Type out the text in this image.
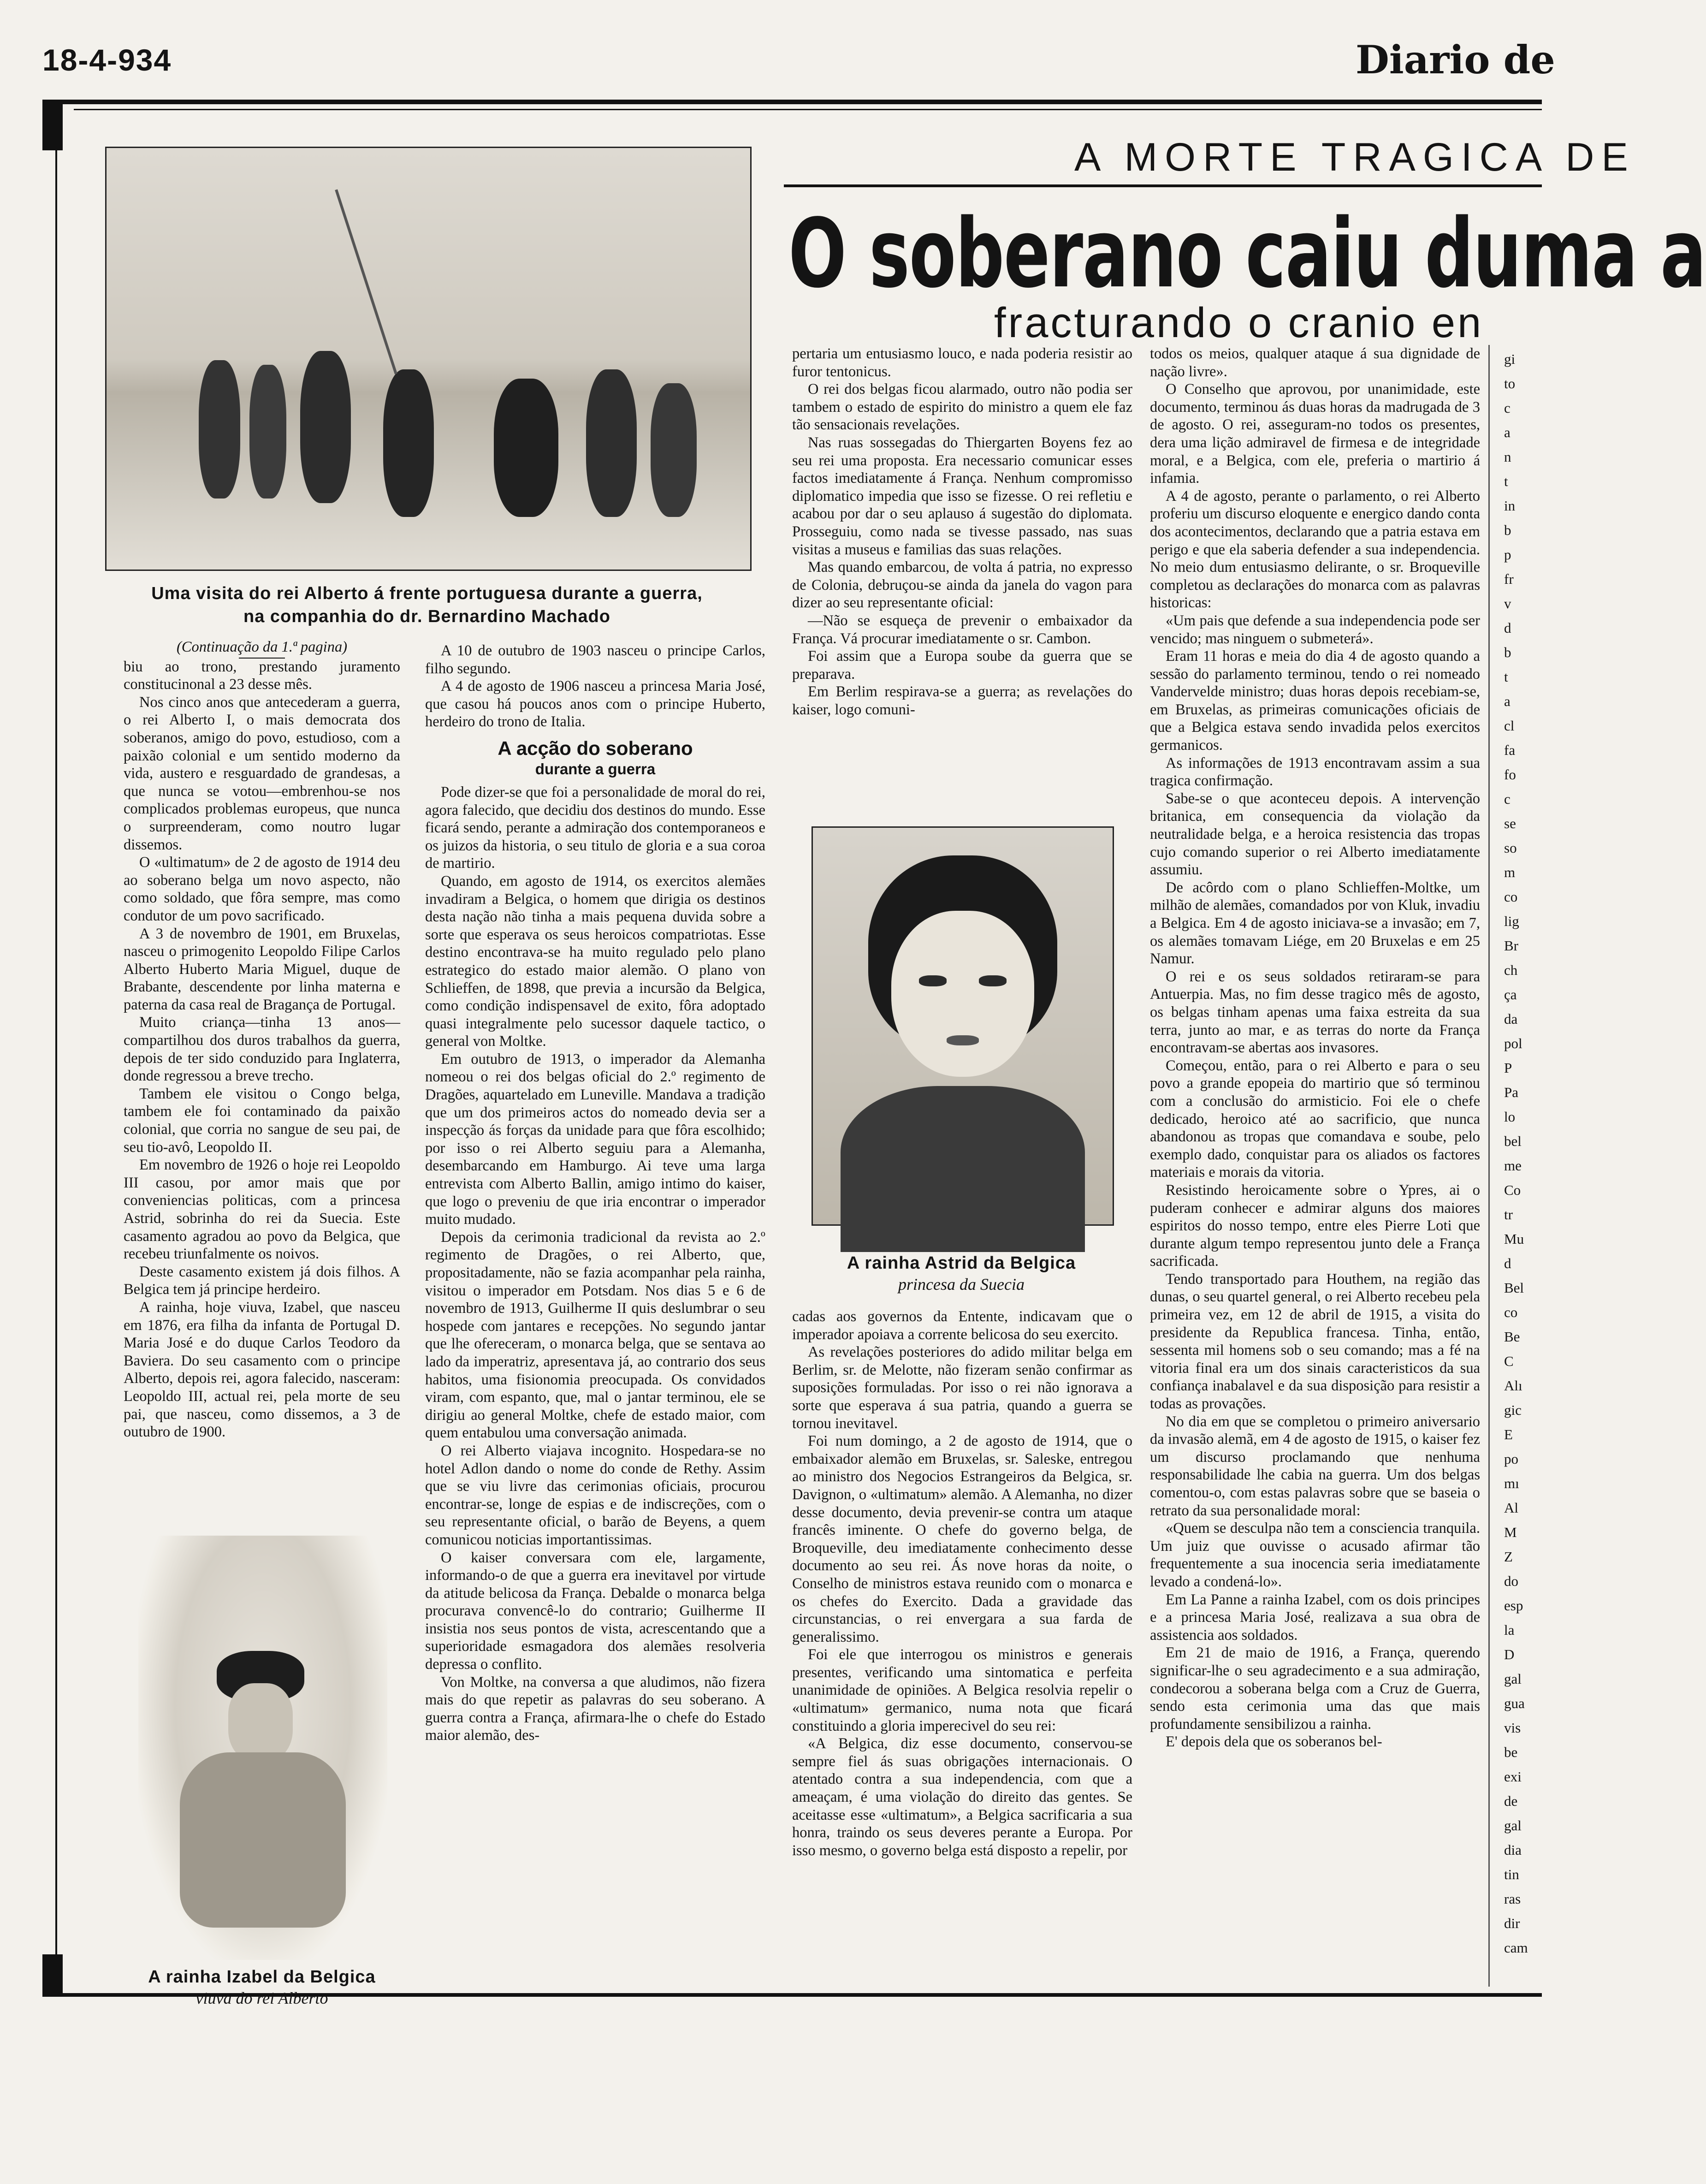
18-4-934	Diario de
A MORTE TRAGICA DE
O soberano caiu duma a
fracturando o cranio en
Uma visita do rei Alberto á frente portuguesa durante a guerra,
na companhia do dr. Bernardino Machado

(Continuação da 1.ª pagina)

biu ao trono, prestando juramento constitucinonal a 23 desse mês.

Nos cinco anos que antecederam a guerra, o rei Alberto I, o mais democrata dos soberanos, amigo do povo, estudioso, com a paixão colonial e um sentido moderno da vida, austero e resguardado de grandesas, a que nunca se votou—embrenhou-se nos complicados problemas europeus, que nunca o surpreenderam, como noutro lugar dissemos.

O «ultimatum» de 2 de agosto de 1914 deu ao soberano belga um novo aspecto, não como soldado, que fôra sempre, mas como condutor de um povo sacrificado.

A 3 de novembro de 1901, em Bruxelas, nasceu o primogenito Leopoldo Filipe Carlos Alberto Huberto Maria Miguel, duque de Brabante, descendente por linha materna e paterna da casa real de Bragança de Portugal.

Muito criança—tinha 13 anos—compartilhou dos duros trabalhos da guerra, depois de ter sido conduzido para Inglaterra, donde regressou a breve trecho.

Tambem ele visitou o Congo belga, tambem ele foi contaminado da paixão colonial, que corria no sangue de seu pai, de seu tio-avô, Leopoldo II.

Em novembro de 1926 o hoje rei Leopoldo III casou, por amor mais que por conveniencias politicas, com a princesa Astrid, sobrinha do rei da Suecia. Este casamento agradou ao povo da Belgica, que recebeu triunfalmente os noivos.

Deste casamento existem já dois filhos. A Belgica tem já principe herdeiro.

A rainha, hoje viuva, Izabel, que nasceu em 1876, era filha da infanta de Portugal D. Maria José e do duque Carlos Teodoro da Baviera. Do seu casamento com o principe Alberto, depois rei, agora falecido, nasceram: Leopoldo III, actual rei, pela morte de seu pai, que nasceu, como dissemos, a 3 de outubro de 1900.

A rainha Izabel da Belgica
viuva do rei Alberto

A 10 de outubro de 1903 nasceu o principe Carlos, filho segundo.

A 4 de agosto de 1906 nasceu a princesa Maria José, que casou há poucos anos com o principe Huberto, herdeiro do trono de Italia.

A acção do soberano
durante a guerra

Pode dizer-se que foi a personalidade de moral do rei, agora falecido, que decidiu dos destinos do mundo. Esse ficará sendo, perante a admiração dos contemporaneos e os juizos da historia, o seu titulo de gloria e a sua coroa de martirio.

Quando, em agosto de 1914, os exercitos alemães invadiram a Belgica, o homem que dirigia os destinos desta nação não tinha a mais pequena duvida sobre a sorte que esperava os seus heroicos compatriotas. Esse destino encontrava-se ha muito regulado pelo plano estrategico do estado maior alemão. O plano von Schlieffen, de 1898, que previa a incursão da Belgica, como condição indispensavel de exito, fôra adoptado quasi integralmente pelo sucessor daquele tactico, o general von Moltke.

Em outubro de 1913, o imperador da Alemanha nomeou o rei dos belgas oficial do 2.º regimento de Dragões, aquartelado em Luneville. Mandava a tradição que um dos primeiros actos do nomeado devia ser a inspecção ás forças da unidade para que fôra escolhido; por isso o rei Alberto seguiu para a Alemanha, desembarcando em Hamburgo. Ai teve uma larga entrevista com Alberto Ballin, amigo intimo do kaiser, que logo o preveniu de que iria encontrar o imperador muito mudado.

Depois da cerimonia tradicional da revista ao 2.º regimento de Dragões, o rei Alberto, que, propositadamente, não se fazia acompanhar pela rainha, visitou o imperador em Potsdam. Nos dias 5 e 6 de novembro de 1913, Guilherme II quis deslumbrar o seu hospede com jantares e recepções. No segundo jantar que lhe ofereceram, o monarca belga, que se sentava ao lado da imperatriz, apresentava já, ao contrario dos seus habitos, uma fisionomia preocupada. Os convidados viram, com espanto, que, mal o jantar terminou, ele se dirigiu ao general Moltke, chefe de estado maior, com quem entabulou uma conversação animada.

O rei Alberto viajava incognito. Hospedara-se no hotel Adlon dando o nome do conde de Rethy. Assim que se viu livre das cerimonias oficiais, procurou encontrar-se, longe de espias e de indiscreções, com o seu representante oficial, o barão de Beyens, a quem comunicou noticias importantissimas.

O kaiser conversara com ele, largamente, informando-o de que a guerra era inevitavel por virtude da atitude belicosa da França. Debalde o monarca belga procurava convencê-lo do contrario; Guilherme II insistia nos seus pontos de vista, acrescentando que a superioridade esmagadora dos alemães resolveria depressa o conflito.

Von Moltke, na conversa a que aludimos, não fizera mais do que repetir as palavras do seu soberano. A guerra contra a França, afirmara-lhe o chefe do Estado maior alemão, des-

pertaria um entusiasmo louco, e nada poderia resistir ao furor tentonicus.

O rei dos belgas ficou alarmado, outro não podia ser tambem o estado de espirito do ministro a quem ele faz tão sensacionais revelações.

Nas ruas sossegadas do Thiergarten Boyens fez ao seu rei uma proposta. Era necessario comunicar esses factos imediatamente á França. Nenhum compromisso diplomatico impedia que isso se fizesse. O rei refletiu e acabou por dar o seu aplauso á sugestão do diplomata. Prosseguiu, como nada se tivesse passado, nas suas visitas a museus e familias das suas relações.

Mas quando embarcou, de volta á patria, no expresso de Colonia, debruçou-se ainda da janela do vagon para dizer ao seu representante oficial:

—Não se esqueça de prevenir o embaixador da França. Vá procurar imediatamente o sr. Cambon.

Foi assim que a Europa soube da guerra que se preparava.

Em Berlim respirava-se a guerra; as revelações do kaiser, logo comuni-

A rainha Astrid da Belgica
princesa da Suecia

cadas aos governos da Entente, indicavam que o imperador apoiava a corrente belicosa do seu exercito.

As revelações posteriores do adido militar belga em Berlim, sr. de Melotte, não fizeram senão confirmar as suposições formuladas. Por isso o rei não ignorava a sorte que esperava á sua patria, quando a guerra se tornou inevitavel.

Foi num domingo, a 2 de agosto de 1914, que o embaixador alemão em Bruxelas, sr. Saleske, entregou ao ministro dos Negocios Estrangeiros da Belgica, sr. Davignon, o «ultimatum» alemão. A Alemanha, no dizer desse documento, devia prevenir-se contra um ataque francês iminente. O chefe do governo belga, de Broqueville, deu imediatamente conhecimento desse documento ao seu rei. Ás nove horas da noite, o Conselho de ministros estava reunido com o monarca e os chefes do Exercito. Dada a gravidade das circunstancias, o rei envergara a sua farda de generalissimo.

Foi ele que interrogou os ministros e generais presentes, verificando uma sintomatica e perfeita unanimidade de opiniões. A Belgica resolvia repelir o «ultimatum» germanico, numa nota que ficará constituindo a gloria imperecivel do seu rei:

«A Belgica, diz esse documento, conservou-se sempre fiel ás suas obrigações internacionais. O atentado contra a sua independencia, com que a ameaçam, é uma violação do direito das gentes. Se aceitasse esse «ultimatum», a Belgica sacrificaria a sua honra, traindo os seus deveres perante a Europa. Por isso mesmo, o governo belga está disposto a repelir, por

todos os meios, qualquer ataque á sua dignidade de nação livre».

O Conselho que aprovou, por unanimidade, este documento, terminou ás duas horas da madrugada de 3 de agosto. O rei, asseguram-no todos os presentes, dera uma lição admiravel de firmesa e de integridade moral, e a Belgica, com ele, preferia o martirio á infamia.

A 4 de agosto, perante o parlamento, o rei Alberto proferiu um discurso eloquente e energico dando conta dos acontecimentos, declarando que a patria estava em perigo e que ela saberia defender a sua independencia. No meio dum entusiasmo delirante, o sr. Broqueville completou as declarações do monarca com as palavras historicas:

«Um pais que defende a sua independencia pode ser vencido; mas ninguem o submeterá».

Eram 11 horas e meia do dia 4 de agosto quando a sessão do parlamento terminou, tendo o rei nomeado Vandervelde ministro; duas horas depois recebiam-se, em Bruxelas, as primeiras comunicações oficiais de que a Belgica estava sendo invadida pelos exercitos germanicos.

As informações de 1913 encontravam assim a sua tragica confirmação.

Sabe-se o que aconteceu depois. A intervenção britanica, em consequencia da violação da neutralidade belga, e a heroica resistencia das tropas cujo comando superior o rei Alberto imediatamente assumiu.

De acôrdo com o plano Schlieffen-Moltke, um milhão de alemães, comandados por von Kluk, invadiu a Belgica. Em 4 de agosto iniciava-se a invasão; em 7, os alemães tomavam Liége, em 20 Bruxelas e em 25 Namur.

O rei e os seus soldados retiraram-se para Antuerpia. Mas, no fim desse tragico mês de agosto, os belgas tinham apenas uma faixa estreita da sua terra, junto ao mar, e as terras do norte da França encontravam-se abertas aos invasores.

Começou, então, para o rei Alberto e para o seu povo a grande epopeia do martirio que só terminou com a conclusão do armisticio. Foi ele o chefe dedicado, heroico até ao sacrificio, que nunca abandonou as tropas que comandava e soube, pelo exemplo dado, conquistar para os aliados os factores materiais e morais da vitoria.

Resistindo heroicamente sobre o Ypres, ai o puderam conhecer e admirar alguns dos maiores espiritos do nosso tempo, entre eles Pierre Loti que durante algum tempo representou junto dele a França sacrificada.

Tendo transportado para Houthem, na região das dunas, o seu quartel general, o rei Alberto recebeu pela primeira vez, em 12 de abril de 1915, a visita do presidente da Republica francesa. Tinha, então, sessenta mil homens sob o seu comando; mas a fé na vitoria final era um dos sinais caracteristicos da sua confiança inabalavel e da sua disposição para resistir a todas as provações.

No dia em que se completou o primeiro aniversario da invasão alemã, em 4 de agosto de 1915, o kaiser fez um discurso proclamando que nenhuma responsabilidade lhe cabia na guerra. Um dos belgas comentou-o, com estas palavras sobre que se baseia o retrato da sua personalidade moral:

«Quem se desculpa não tem a consciencia tranquila. Um juiz que ouvisse o acusado afirmar tão frequentemente a sua inocencia seria imediatamente levado a condená-lo».

Em La Panne a rainha Izabel, com os dois principes e a princesa Maria José, realizava a sua obra de assistencia aos soldados.

Em 21 de maio de 1916, a França, querendo significar-lhe o seu agradecimento e a sua admiração, condecorou a soberana belga com a Cruz de Guerra, sendo esta cerimonia uma das que mais profundamente sensibilizou a rainha.

E' depois dela que os soberanos bel-

gi
to
c
a
n
t
in
b
p
fr
v
d
b
t
a
cl
fa
fo
c
se
so
m
co
lig
Br
ch
ça
da
pol
P
Pa
lo
bel
me
Co
tr
Mu
d
Bel
co
Be
C
Alı
gic
E
po
mı
Al
M
Z
do
esp
la
D
gal
gua
vis
be
exi
de
gal
dia
tin
ras
dir
cam
